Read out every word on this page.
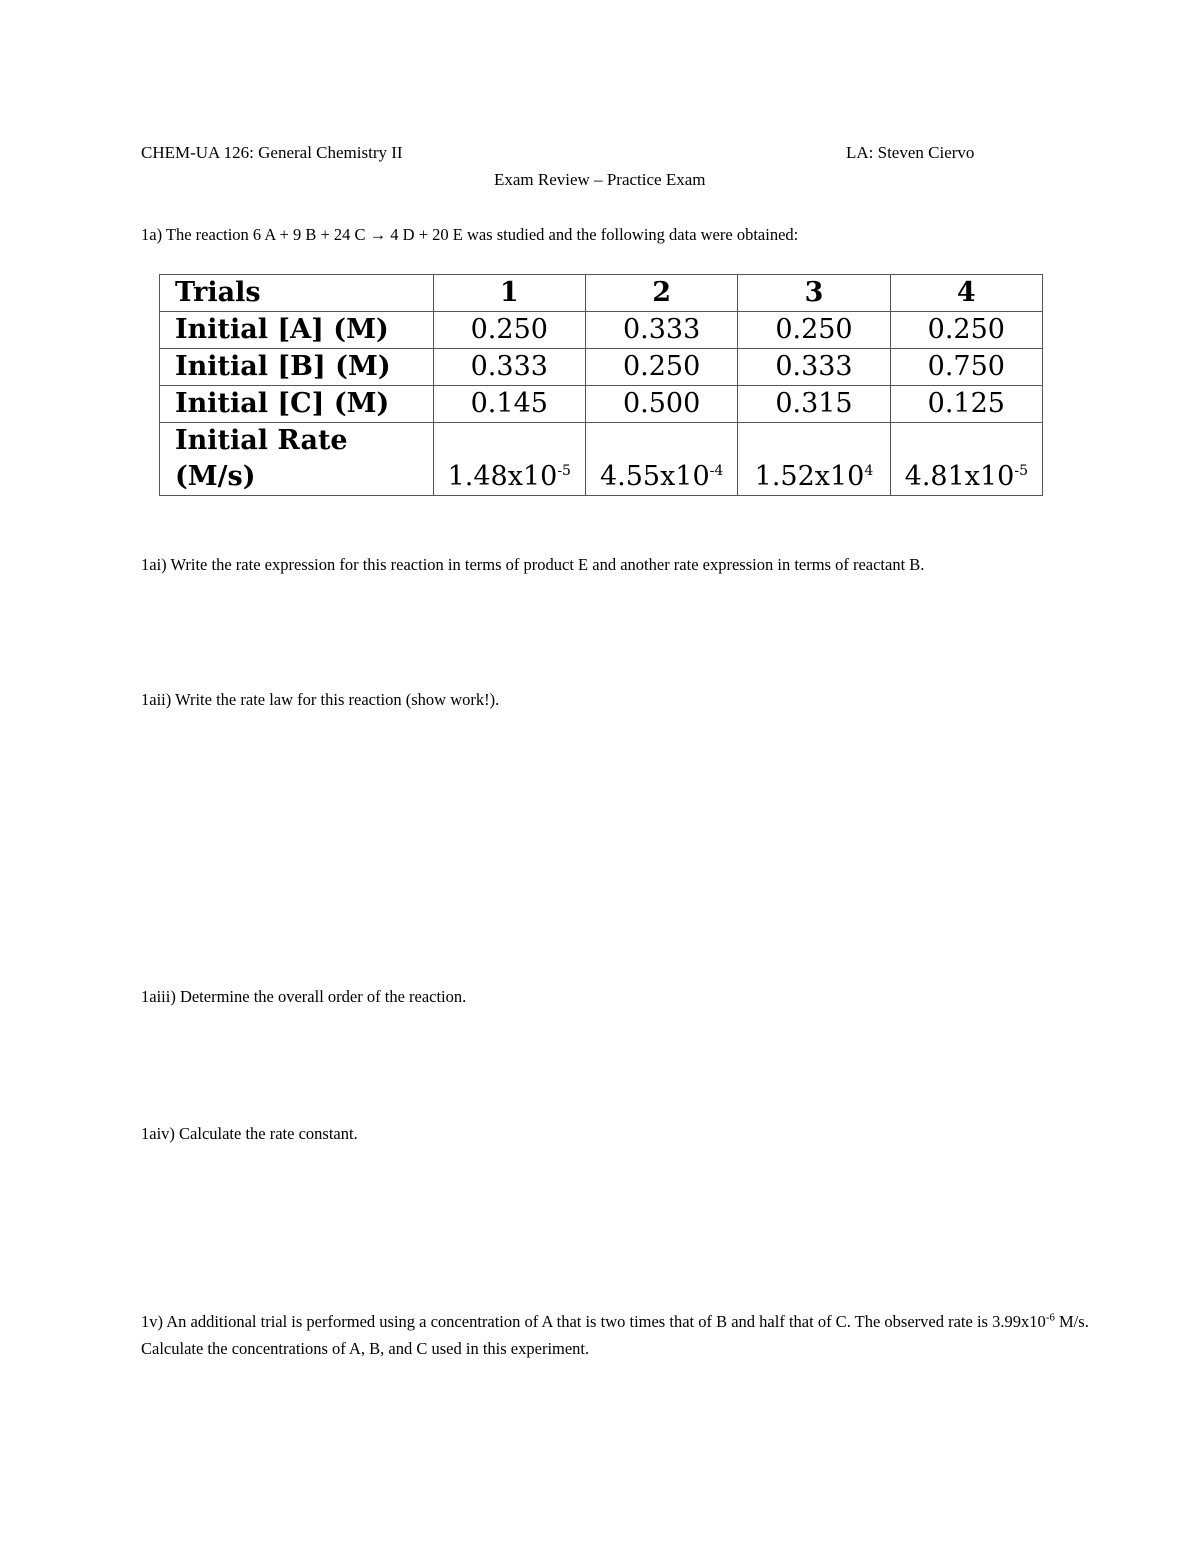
CHEM-UA 126: General Chemistry II	LA: Steven Ciervo
Exam Review – Practice Exam
1a) The reaction 6 A + 9 B + 24 C → 4 D + 20 E was studied and the following data were obtained:
Trials	1	2	3	4
Initial [A] (M)	0.250	0.333	0.250	0.250
Initial [B] (M)	0.333	0.250	0.333	0.750
Initial [C] (M)	0.145	0.500	0.315	0.125
Initial Rate
(M/s)	$1.48x10^{-5}$	$4.55x10^{-4}$	$1.52x10^4$	$4.81x10^{-5}$
1ai) Write the rate expression for this reaction in terms of product E and another rate expression in terms of reactant B.
1aii) Write the rate law for this reaction (show work!).
1aiii) Determine the overall order of the reaction.
1aiv) Calculate the rate constant.
1v) An additional trial is performed using a concentration of A that is two times that of B and half that of C. The observed rate is $3.99x10^{-6}$ M/s. Calculate the concentrations of A, B, and C used in this experiment.
